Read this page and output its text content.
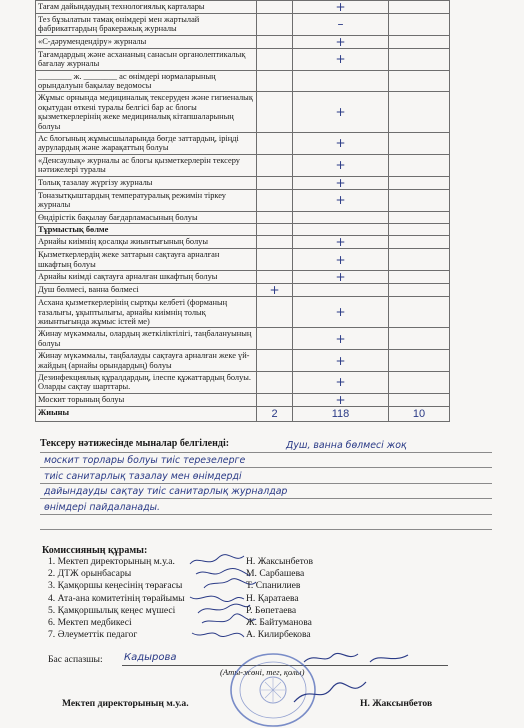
Тағам дайындаудың технологиялық карталары		+	
Тез бұзылатын тамақ өнімдері мен жартылай фабрикаттардың бракеражық журналы		–	
«С-дәрумендендіру» журналы		+	
Тағамдардың және асхананың санасын органолептикалық бағалау журналы		+	
________ ж. ________ ас өнімдері нормаларының орындалуын бақылау ведомосы			
Жұмыс орнында медициналық тексеруден және гигиеналық оқытудан өткені туралы белгісі бар ас блогы қызметкерлерінің жеке медициналық кітапшаларының болуы		+	
Ас блогының жұмысшыларында бөгде заттардың, іріңді аурулардың және жарақаттың болуы		+	
«Денсаулық» журналы ас блогы қызметкерлерін тексеру нәтижелері туралы		+	
Толық тазалау жүргізу журналы		+	
Тоназытқыштардың температуралық режимін тіркеу журналы		+	
Өндірістік бақылау бағдарламасының болуы			
Тұрмыстық бөлме			
Арнайы киімнің қосалқы жиынтығының болуы		+	
Қызметкерлердің жеке заттарын сақтауға арналған шкафтың болуы		+	
Арнайы киімді сақтауға арналған шкафтың болуы		+	
Душ бөлмесі, ванна бөлмесі	+		
Асхана қызметкерлерінің сыртқы келбеті (форманың тазалығы, ұқыптылығы, арнайы киімнің толық жиынтығында жұмыс істей ме)		+	
Жинау мүкәммалы, олардың жеткіліктілігі, таңбалануының болуы		+	
Жинау мүкәммалы, таңбалауды сақтауға арналған жеке үй-жайдың (арнайы орындардың) болуы		+	
Дезинфекциялық құралдардың, ілеспе құжаттардың болуы. Оларды сақтау шарттары.		+	
Москит торының болуы		+	
Жиыны	2	118	10
Тексеру нәтижесінде мыналар белгіленді:	Душ, ванна бөлмесі жоқ
москит торлары болуы тиіс терезелерге
тиіс санитарлық тазалау мен өнімдерді
дайындауды сақтау тиіс санитарлық журналдар
өнімдері пайдаланады.
Комиссияның құрамы:
1. Мектеп директорының м.у.а.	Н. Жаксынбетов
2. ДТЖ орынбасары	М. Сарбашева
3. Қамқоршы кеңесінің төрағасы	Т. Спанилиев
4. Ата-ана комитетінің төрайымы	Н. Қаратаева
5. Қамқоршылық кеңес мүшесі	Р. Бөпетаева
6. Мектеп медбикесі	Ж. Байтуманова
7. Әлеуметтік педагог	А. Килирбекова
Бас аспазшы: Кадырова
(Аты-жөні, тег, қолы)
Мектеп директорының м.у.а.	Н. Жаксынбетов
